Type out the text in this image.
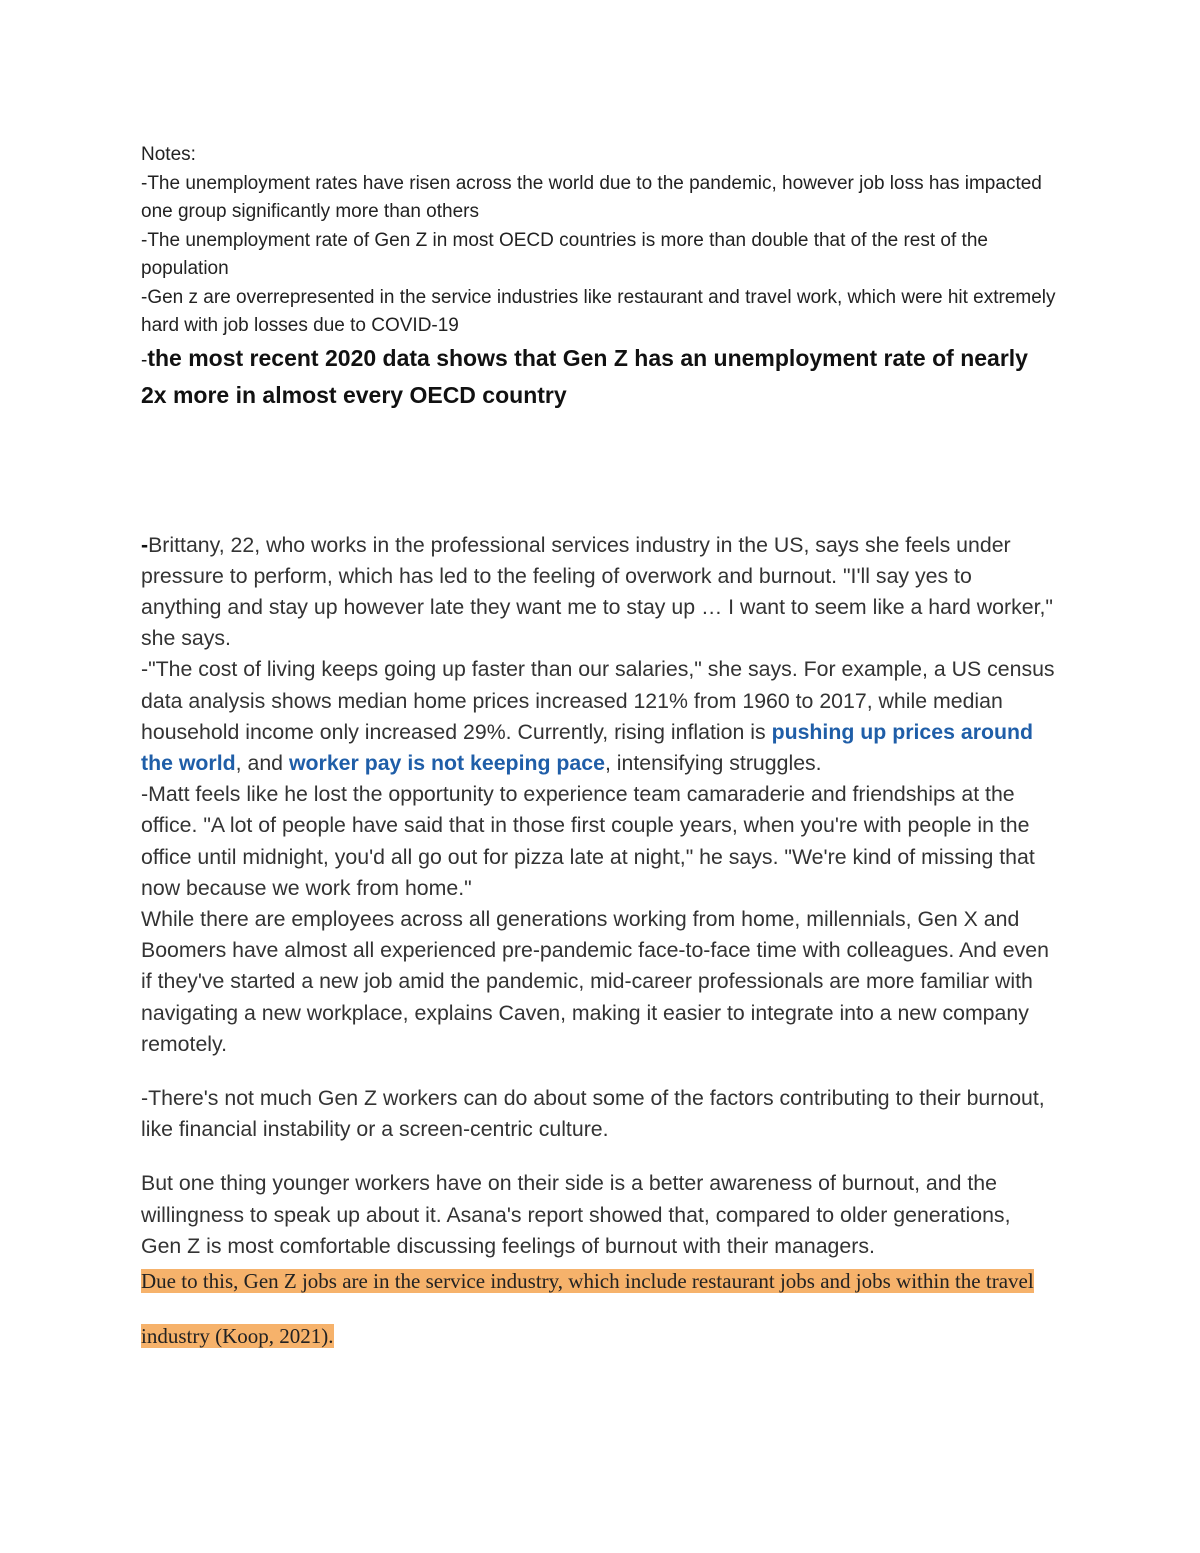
Notes:

-The unemployment rates have risen across the world due to the pandemic, however job loss has impacted one group significantly more than others

-The unemployment rate of Gen Z in most OECD countries is more than double that of the rest of the population

-Gen z are overrepresented in the service industries like restaurant and travel work, which were hit extremely hard with job losses due to COVID-19

-the most recent 2020 data shows that Gen Z has an unemployment rate of nearly 2x more in almost every OECD country

-Brittany, 22, who works in the professional services industry in the US, says she feels under pressure to perform, which has led to the feeling of overwork and burnout. "I'll say yes to anything and stay up however late they want me to stay up … I want to seem like a hard worker," she says.

-"The cost of living keeps going up faster than our salaries," she says. For example, a US census data analysis shows median home prices increased 121% from 1960 to 2017, while median household income only increased 29%. Currently, rising inflation is pushing up prices around the world, and worker pay is not keeping pace, intensifying struggles.

-Matt feels like he lost the opportunity to experience team camaraderie and friendships at the office. "A lot of people have said that in those first couple years, when you're with people in the office until midnight, you'd all go out for pizza late at night," he says. "We're kind of missing that now because we work from home."

While there are employees across all generations working from home, millennials, Gen X and Boomers have almost all experienced pre-pandemic face-to-face time with colleagues. And even if they've started a new job amid the pandemic, mid-career professionals are more familiar with navigating a new workplace, explains Caven, making it easier to integrate into a new company remotely.

-There's not much Gen Z workers can do about some of the factors contributing to their burnout, like financial instability or a screen-centric culture.

But one thing younger workers have on their side is a better awareness of burnout, and the willingness to speak up about it. Asana's report showed that, compared to older generations, Gen Z is most comfortable discussing feelings of burnout with their managers.

Due to this, Gen Z jobs are in the service industry, which include restaurant jobs and jobs within the travel industry (Koop, 2021).
